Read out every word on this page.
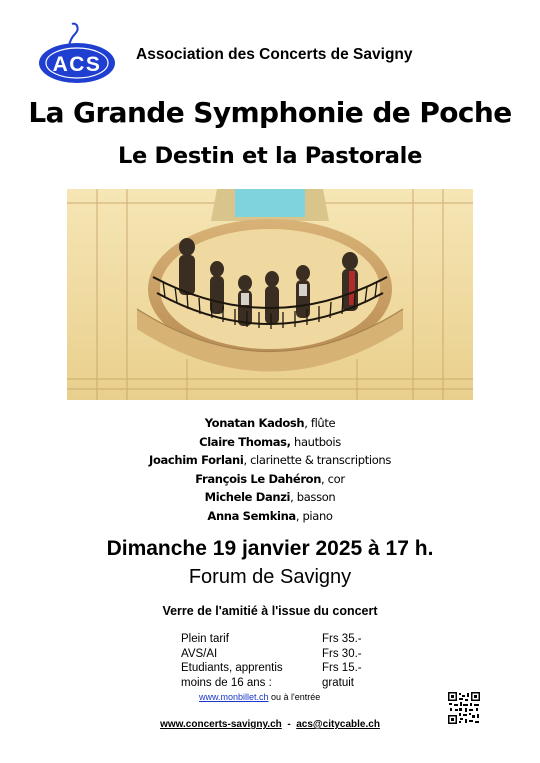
ACS Association des Concerts de Savigny
La Grande Symphonie de Poche
Le Destin et la Pastorale
Yonatan Kadosh, flûte
Claire Thomas, hautbois
Joachim Forlani, clarinette & transcriptions
François Le Dahéron, cor
Michele Danzi, basson
Anna Semkina, piano
Dimanche 19 janvier 2025 à 17 h.
Forum de Savigny
Verre de l'amitié à l'issue du concert
Plein tarif	Frs 35.-
AVS/AI	Frs 30.-
Etudiants, apprentis	Frs 15.-
moins de 16 ans :	gratuit
www.monbillet.ch ou à l'entrée
www.concerts-savigny.ch  -  acs@citycable.ch
